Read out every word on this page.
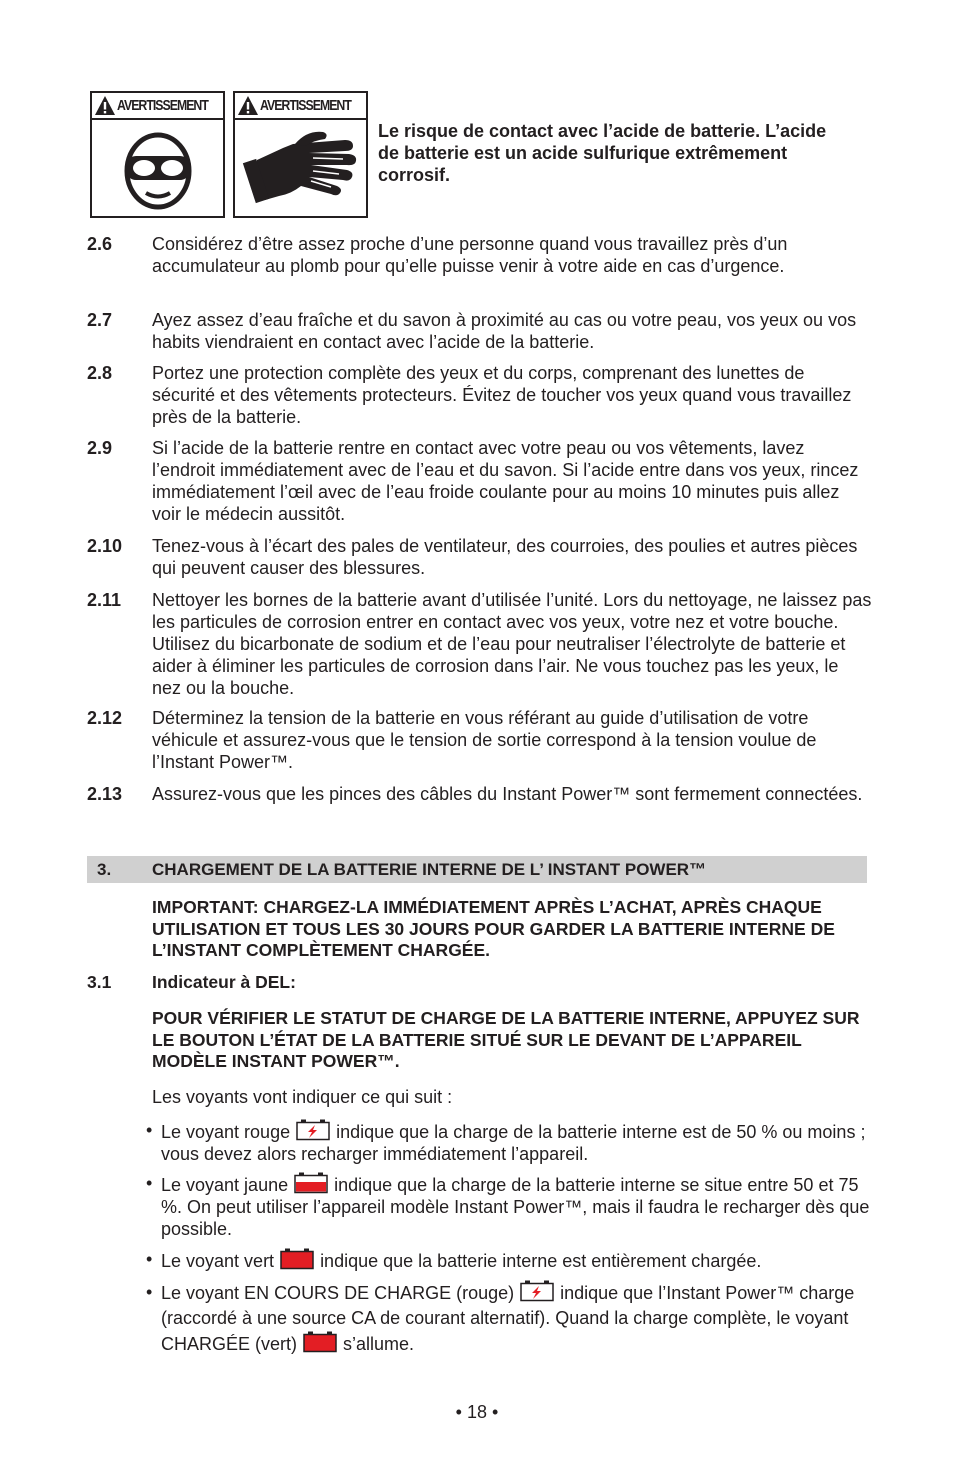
AVERTISSEMENT	AVERTISSEMENT
Le risque de contact avec l’acide de batterie. L’acide de batterie est un acide sulfurique extrêmement corrosif.
2.6 Considérez d’être assez proche d’une personne quand vous travaillez près d’un accumulateur au plomb pour qu’elle puisse venir à votre aide en cas d’urgence.
2.7 Ayez assez d’eau fraîche et du savon à proximité au cas ou votre peau, vos yeux ou vos habits viendraient en contact avec l’acide de la batterie.
2.8 Portez une protection complète des yeux et du corps, comprenant des lunettes de sécurité et des vêtements protecteurs. Évitez de toucher vos yeux quand vous travaillez près de la batterie.
2.9 Si l’acide de la batterie rentre en contact avec votre peau ou vos vêtements, lavez l’endroit immédiatement avec de l’eau et du savon. Si l’acide entre dans vos yeux, rincez immédiatement l’œil avec de l’eau froide coulante pour au moins 10 minutes puis allez voir le médecin aussitôt.
2.10 Tenez-vous à l’écart des pales de ventilateur, des courroies, des poulies et autres pièces qui peuvent causer des blessures.
2.11 Nettoyer les bornes de la batterie avant d’utilisée l’unité. Lors du nettoyage, ne laissez pas les particules de corrosion entrer en contact avec vos yeux, votre nez et votre bouche. Utilisez du bicarbonate de sodium et de l’eau pour neutraliser l’électrolyte de batterie et aider à éliminer les particules de corrosion dans l’air. Ne vous touchez pas les yeux, le nez ou la bouche.
2.12 Déterminez la tension de la batterie en vous référant au guide d’utilisation de votre véhicule et assurez-vous que le tension de sortie correspond à la tension voulue de l’Instant Power™.
2.13 Assurez-vous que les pinces des câbles du Instant Power™ sont fermement connectées.
3. CHARGEMENT DE LA BATTERIE INTERNE DE L’ INSTANT POWER™
IMPORTANT: CHARGEZ-LA IMMÉDIATEMENT APRÈS L’ACHAT, APRÈS CHAQUE UTILISATION ET TOUS LES 30 JOURS POUR GARDER LA BATTERIE INTERNE DE L’INSTANT COMPLÈTEMENT CHARGÉE.
3.1 Indicateur à DEL:
POUR VÉRIFIER LE STATUT DE CHARGE DE LA BATTERIE INTERNE, APPUYEZ SUR LE BOUTON L’ÉTAT DE LA BATTERIE SITUÉ SUR LE DEVANT DE L’APPAREIL MODÈLE INSTANT POWER™.
Les voyants vont indiquer ce qui suit :
• Le voyant rouge	indique que la charge de la batterie interne est de 50 % ou moins ; vous devez alors recharger immédiatement l’appareil.
• Le voyant jaune	indique que la charge de la batterie interne se situe entre 50 et 75 %. On peut utiliser l’appareil modèle Instant Power™, mais il faudra le recharger dès que possible.
• Le voyant vert	indique que la batterie interne est entièrement chargée.
• Le voyant EN COURS DE CHARGE (rouge)	indique que l’Instant Power™ charge (raccordé à une source CA de courant alternatif). Quand la charge complète, le voyant CHARGÉE (vert)	s’allume.
• 18 •
